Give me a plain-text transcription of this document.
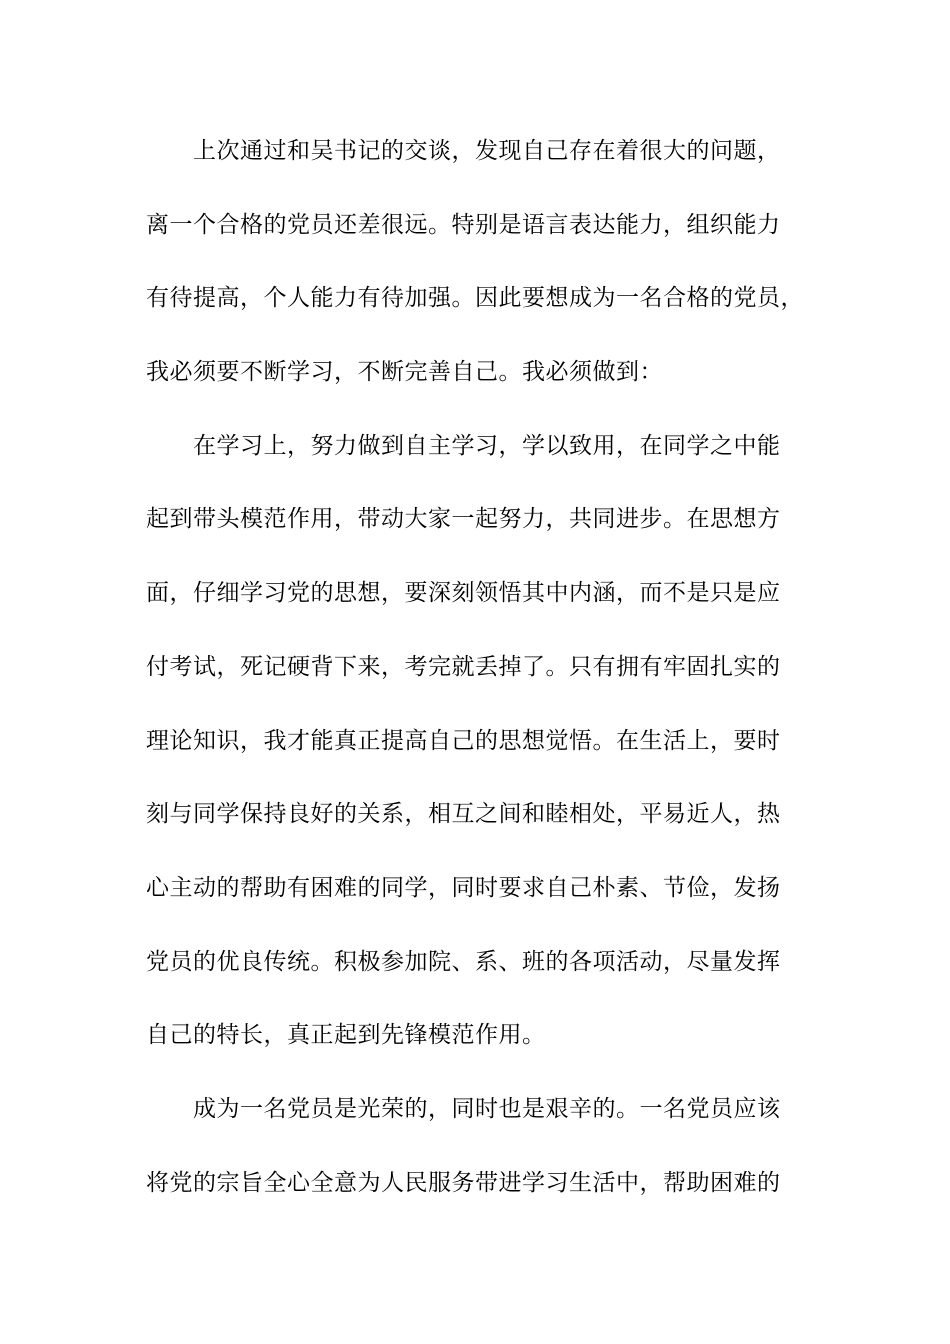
上次通过和吴书记的交谈，发现自己存在着很大的问题，
离一个合格的党员还差很远。特别是语言表达能力，组织能力
有待提高，个人能力有待加强。因此要想成为一名合格的党员，
我必须要不断学习，不断完善自己。我必须做到：
在学习上，努力做到自主学习，学以致用，在同学之中能
起到带头模范作用，带动大家一起努力，共同进步。在思想方
面，仔细学习党的思想，要深刻领悟其中内涵，而不是只是应
付考试，死记硬背下来，考完就丢掉了。只有拥有牢固扎实的
理论知识，我才能真正提高自己的思想觉悟。在生活上，要时
刻与同学保持良好的关系，相互之间和睦相处，平易近人，热
心主动的帮助有困难的同学，同时要求自己朴素、节俭，发扬
党员的优良传统。积极参加院、系、班的各项活动，尽量发挥
自己的特长，真正起到先锋模范作用。
成为一名党员是光荣的，同时也是艰辛的。一名党员应该
将党的宗旨全心全意为人民服务带进学习生活中，帮助困难的
